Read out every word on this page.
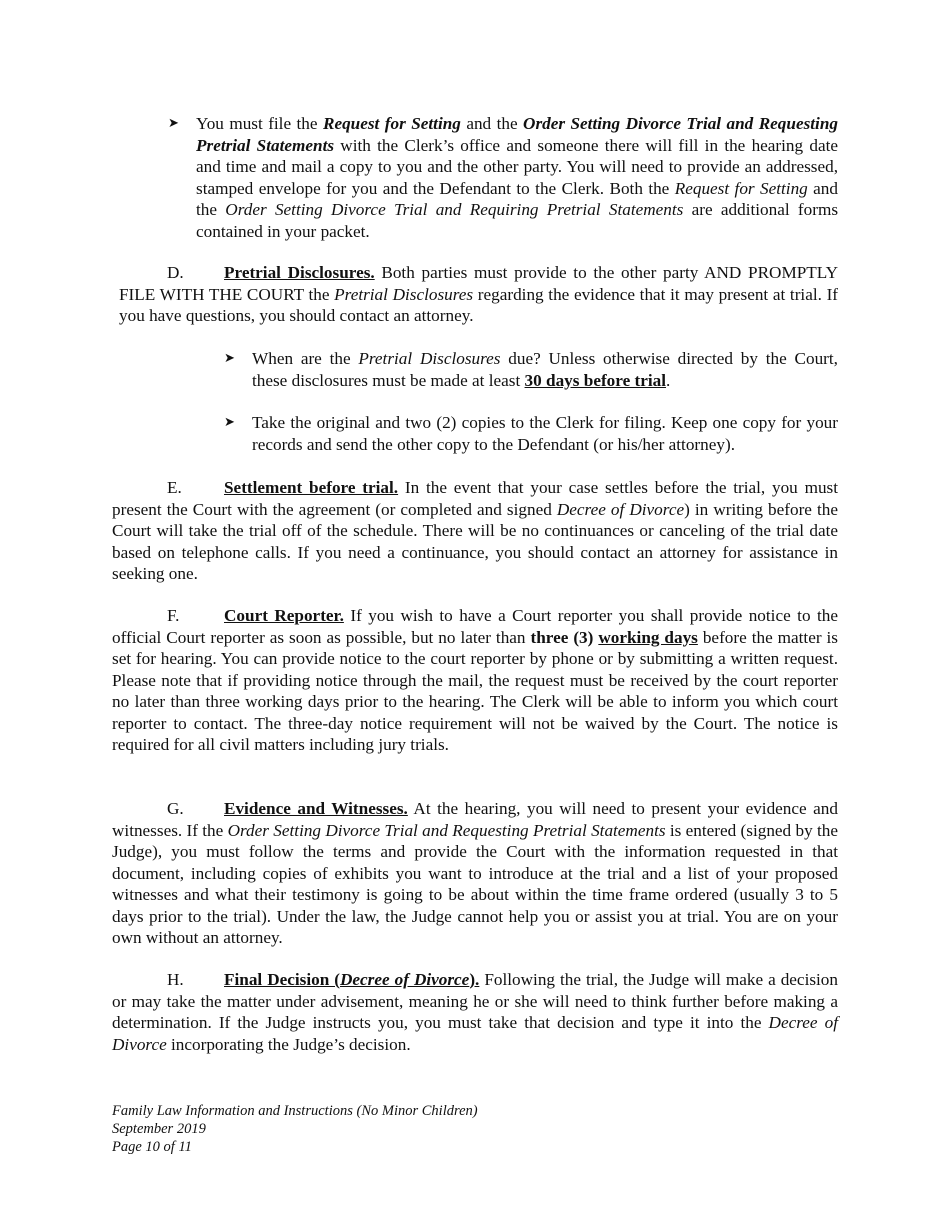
➤ You must file the Request for Setting and the Order Setting Divorce Trial and Requesting Pretrial Statements with the Clerk’s office and someone there will fill in the hearing date and time and mail a copy to you and the other party. You will need to provide an addressed, stamped envelope for you and the Defendant to the Clerk. Both the Request for Setting and the Order Setting Divorce Trial and Requiring Pretrial Statements are additional forms contained in your packet.

D. Pretrial Disclosures. Both parties must provide to the other party AND PROMPTLY FILE WITH THE COURT the Pretrial Disclosures regarding the evidence that it may present at trial. If you have questions, you should contact an attorney.

➤ When are the Pretrial Disclosures due? Unless otherwise directed by the Court, these disclosures must be made at least 30 days before trial.

➤ Take the original and two (2) copies to the Clerk for filing. Keep one copy for your records and send the other copy to the Defendant (or his/her attorney).

E. Settlement before trial. In the event that your case settles before the trial, you must present the Court with the agreement (or completed and signed Decree of Divorce) in writing before the Court will take the trial off of the schedule. There will be no continuances or canceling of the trial date based on telephone calls. If you need a continuance, you should contact an attorney for assistance in seeking one.

F.	Court Reporter. If you wish to have a Court reporter you shall provide notice to the official Court reporter as soon as possible, but no later than three (3) working days before the matter is set for hearing. You can provide notice to the court reporter by phone or by submitting a written request. Please note that if providing notice through the mail, the request must be received by the court reporter no later than three working days prior to the hearing. The Clerk will be able to inform you which court reporter to contact. The three-day notice requirement will not be waived by the Court. The notice is required for all civil matters including jury trials.

G. Evidence and Witnesses. At the hearing, you will need to present your evidence and witnesses. If the Order Setting Divorce Trial and Requesting Pretrial Statements is entered (signed by the Judge), you must follow the terms and provide the Court with the information requested in that document, including copies of exhibits you want to introduce at the trial and a list of your proposed witnesses and what their testimony is going to be about within the time frame ordered (usually 3 to 5 days prior to the trial). Under the law, the Judge cannot help you or assist you at trial. You are on your own without an attorney.

H. Final Decision (Decree of Divorce). Following the trial, the Judge will make a decision or may take the matter under advisement, meaning he or she will need to think further before making a determination. If the Judge instructs you, you must take that decision and type it into the Decree of Divorce incorporating the Judge’s decision.

Family Law Information and Instructions (No Minor Children)
September 2019
Page 10 of 11
